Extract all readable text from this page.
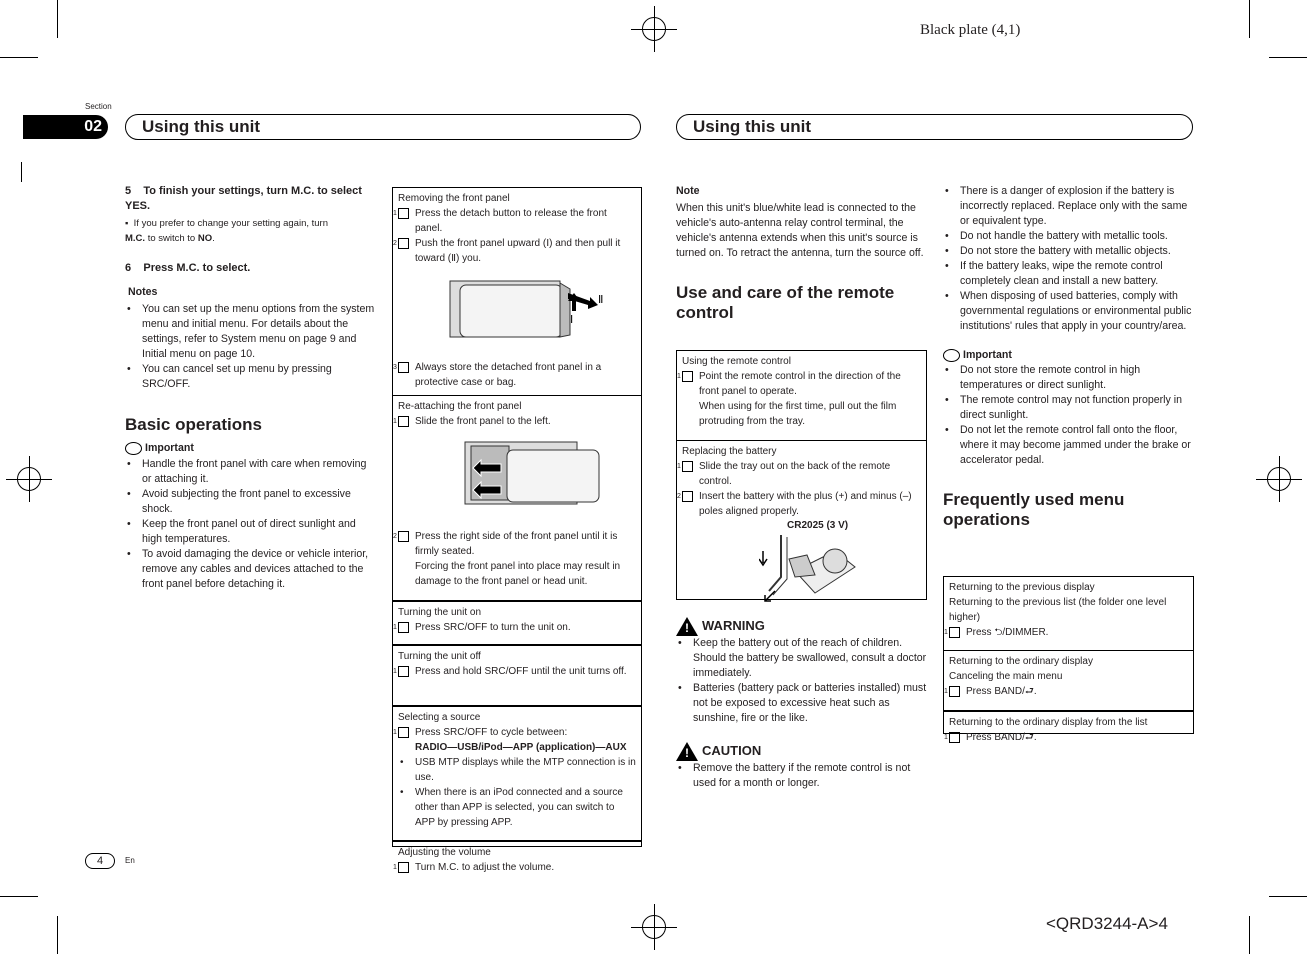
Black plate (4,1)
Section
02	Using this unit	Using this unit
5 To finish your settings, turn M.C. to select YES.
▪ If you prefer to change your setting again, turn
M.C. to switch to NO.
6 Press M.C. to select.
Notes
• You can set up the menu options from the system menu and initial menu. For details about the settings, refer to System menu on page 9 and Initial menu on page 10.
• You can cancel set up menu by pressing SRC/OFF.
Basic operations
Important
• Handle the front panel with care when removing or attaching it.
• Avoid subjecting the front panel to excessive shock.
• Keep the front panel out of direct sunlight and high temperatures.
• To avoid damaging the device or vehicle interior, remove any cables and devices attached to the front panel before detaching it.
Removing the front panel
1 Press the detach button to release the front panel.
2 Push the front panel upward (Ⅰ) and then pull it toward (Ⅱ) you.
Ⅱ
Ⅰ
3 Always store the detached front panel in a protective case or bag.
Re-attaching the front panel
1 Slide the front panel to the left.
2 Press the right side of the front panel until it is firmly seated.
Forcing the front panel into place may result in damage to the front panel or head unit.
Turning the unit on
1 Press SRC/OFF to turn the unit on.
Turning the unit off
1 Press and hold SRC/OFF until the unit turns off.
Selecting a source
1 Press SRC/OFF to cycle between:
RADIO—USB/iPod—APP (application)—AUX
• USB MTP displays while the MTP connection is in use.
• When there is an iPod connected and a source other than APP is selected, you can switch to APP by pressing APP.
Adjusting the volume
1 Turn M.C. to adjust the volume.
Note
When this unit's blue/white lead is connected to the vehicle's auto-antenna relay control terminal, the vehicle's antenna extends when this unit's source is turned on. To retract the antenna, turn the source off.
Use and care of the remote control
Using the remote control
1 Point the remote control in the direction of the front panel to operate.
When using for the first time, pull out the film protruding from the tray.
Replacing the battery
1 Slide the tray out on the back of the remote control.
2 Insert the battery with the plus (+) and minus (–) poles aligned properly.
CR2025 (3 V)
! WARNING
• Keep the battery out of the reach of children. Should the battery be swallowed, consult a doctor immediately.
• Batteries (battery pack or batteries installed) must not be exposed to excessive heat such as sunshine, fire or the like.
! CAUTION
• Remove the battery if the remote control is not used for a month or longer.
• There is a danger of explosion if the battery is incorrectly replaced. Replace only with the same or equivalent type.
• Do not handle the battery with metallic tools.
• Do not store the battery with metallic objects.
• If the battery leaks, wipe the remote control completely clean and install a new battery.
• When disposing of used batteries, comply with governmental regulations or environmental public institutions' rules that apply in your country/area.
Important
• Do not store the remote control in high temperatures or direct sunlight.
• The remote control may not function properly in direct sunlight.
• Do not let the remote control fall onto the floor, where it may become jammed under the brake or accelerator pedal.
Frequently used menu operations
Returning to the previous display
Returning to the previous list (the folder one level higher)
1 Press ⮌/DIMMER.
Returning to the ordinary display
Canceling the main menu
1 Press BAND/⮐.
Returning to the ordinary display from the list
1 Press BAND/⮐.
4	En
<QRD3244-A>4
